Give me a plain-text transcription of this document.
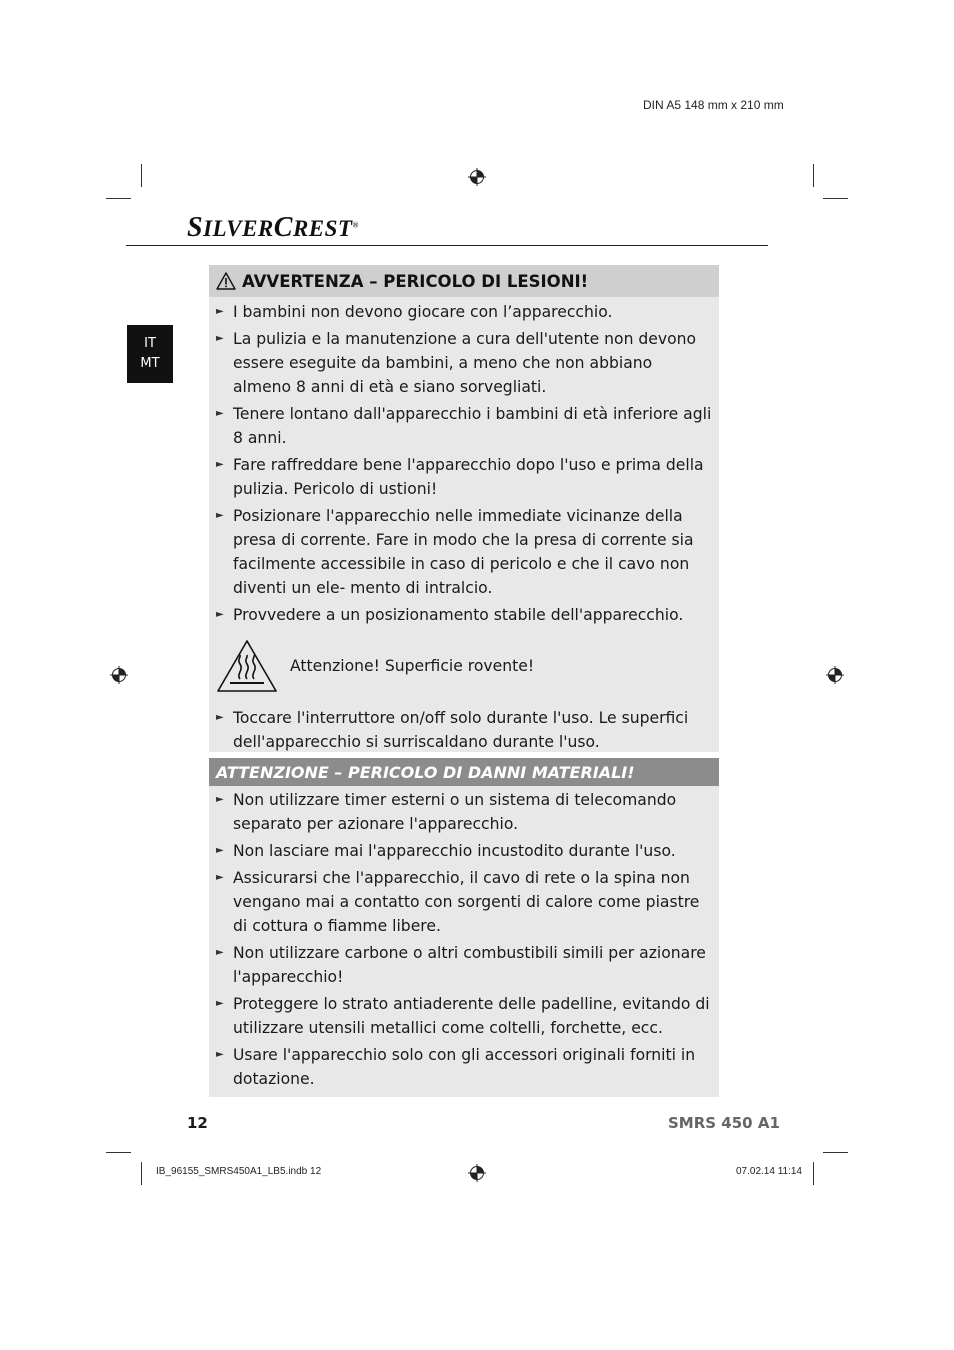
DIN A5 148 mm x 210 mm
SILVERCREST®
IT
MT
AVVERTENZA – PERICOLO DI LESIONI!
► I bambini non devono giocare con l’apparecchio.
► La pulizia e la manutenzione a cura dell'utente non devono essere eseguite da bambini, a meno che non abbiano almeno 8 anni di età e siano sorvegliati.
► Tenere lontano dall'apparecchio i bambini di età inferiore agli 8 anni.
► Fare raffreddare bene l'apparecchio dopo l'uso e prima della pulizia. Pericolo di ustioni!
► Posizionare l'apparecchio nelle immediate vicinanze della presa di corrente. Fare in modo che la presa di corrente sia facilmente accessibile in caso di pericolo e che il cavo non diventi un ele- mento di intralcio.
► Provvedere a un posizionamento stabile dell'apparecchio.
Attenzione! Superficie rovente!
► Toccare l'interruttore on/off solo durante l'uso. Le superfici dell'apparecchio si surriscaldano durante l'uso.
ATTENZIONE – PERICOLO DI DANNI MATERIALI!
► Non utilizzare timer esterni o un sistema di telecomando separato per azionare l'apparecchio.
► Non lasciare mai l'apparecchio incustodito durante l'uso.
► Assicurarsi che l'apparecchio, il cavo di rete o la spina non vengano mai a contatto con sorgenti di calore come piastre di cottura o fiamme libere.
► Non utilizzare carbone o altri combustibili simili per azionare l'apparecchio!
► Proteggere lo strato antiaderente delle padelline, evitando di utilizzare utensili metallici come coltelli, forchette, ecc.
► Usare l'apparecchio solo con gli accessori originali forniti in dotazione.
12	SMRS 450 A1
IB_96155_SMRS450A1_LB5.indb 12	07.02.14 11:14
